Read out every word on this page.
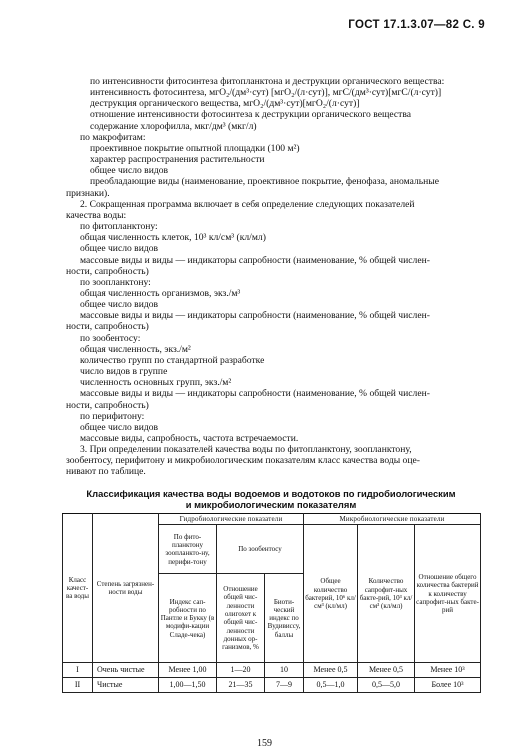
ГОСТ 17.1.3.07—82 С. 9

по интенсивности фитосинтеза фитопланктона и деструкции органического вещества:

интенсивность фотосинтеза, мгО₂/(дм³·сут) [мгО₂/(л·сут)], мгС/(дм³·сут)[мгС/(л·сут)]

деструкция органического вещества, мгО₂/(дм³·сут)[мгО₂/(л·сут)]

отношение интенсивности фотосинтеза к деструкции органического вещества

содержание хлорофилла, мкг/дм³ (мкг/л)

по макрофитам:

проективное покрытие опытной площадки (100 м²)

характер распространения растительности

общее число видов

преобладающие виды (наименование, проективное покрытие, фенофаза, аномальные

признаки).

2. Сокращенная программа включает в себя определение следующих показателей

качества воды:

по фитопланктону:

общая численность клеток, 10³ кл/см³ (кл/мл)

общее число видов

массовые виды и виды — индикаторы сапробности (наименование, % общей числен-

ности, сапробность)

по зоопланктону:

общая численность организмов, экз./м³

общее число видов

массовые виды и виды — индикаторы сапробности (наименование, % общей числен-

ности, сапробность)

по зообентосу:

общая численность, экз./м²

количество групп по стандартной разработке

число видов в группе

численность основных групп, экз./м²

массовые виды и виды — индикаторы сапробности (наименование, % общей числен-

ности, сапробность)

по перифитону:

общее число видов

массовые виды, сапробность, частота встречаемости.

3. При определении показателей качества воды по фитопланктону, зоопланктону,

зообентосу, перифитону и микробиологическим показателям класс качества воды оце-

нивают по таблице.

Классификация качества воды водоемов и водотоков по гидробиологическим
и микробиологическим показателям
Класс качест-ва воды	Степень загрязнен-ности воды	Гидробиологические показатели			Микробиологические показатели		
		По фито-планктону зоопланкто-ну, перифи-тону	По зообентосу		Общее количество бактерий, 10⁶ кл/см³ (кл/мл)	Количество сапрофит-ных бакте-рий, 10³ кл/см³ (кл/мл)	Отношение общего количества бактерий к количеству сапрофит-ных бакте-рий
		Индекс сап-робности по Пантле и Букку (в модифи-кации Сладе-чека)	Отношение общей чис-ленности олигохет к общей чис-ленности донных ор-ганизмов, %	Биоти-ческий индекс по Вудивиссу, баллы			
I	Очень чистые	Менее 1,00	1—20	10	Менее 0,5	Менее 0,5	Менее 10³
II	Чистые	1,00—1,50	21—35	7—9	0,5—1,0	0,5—5,0	Более 10³
159
